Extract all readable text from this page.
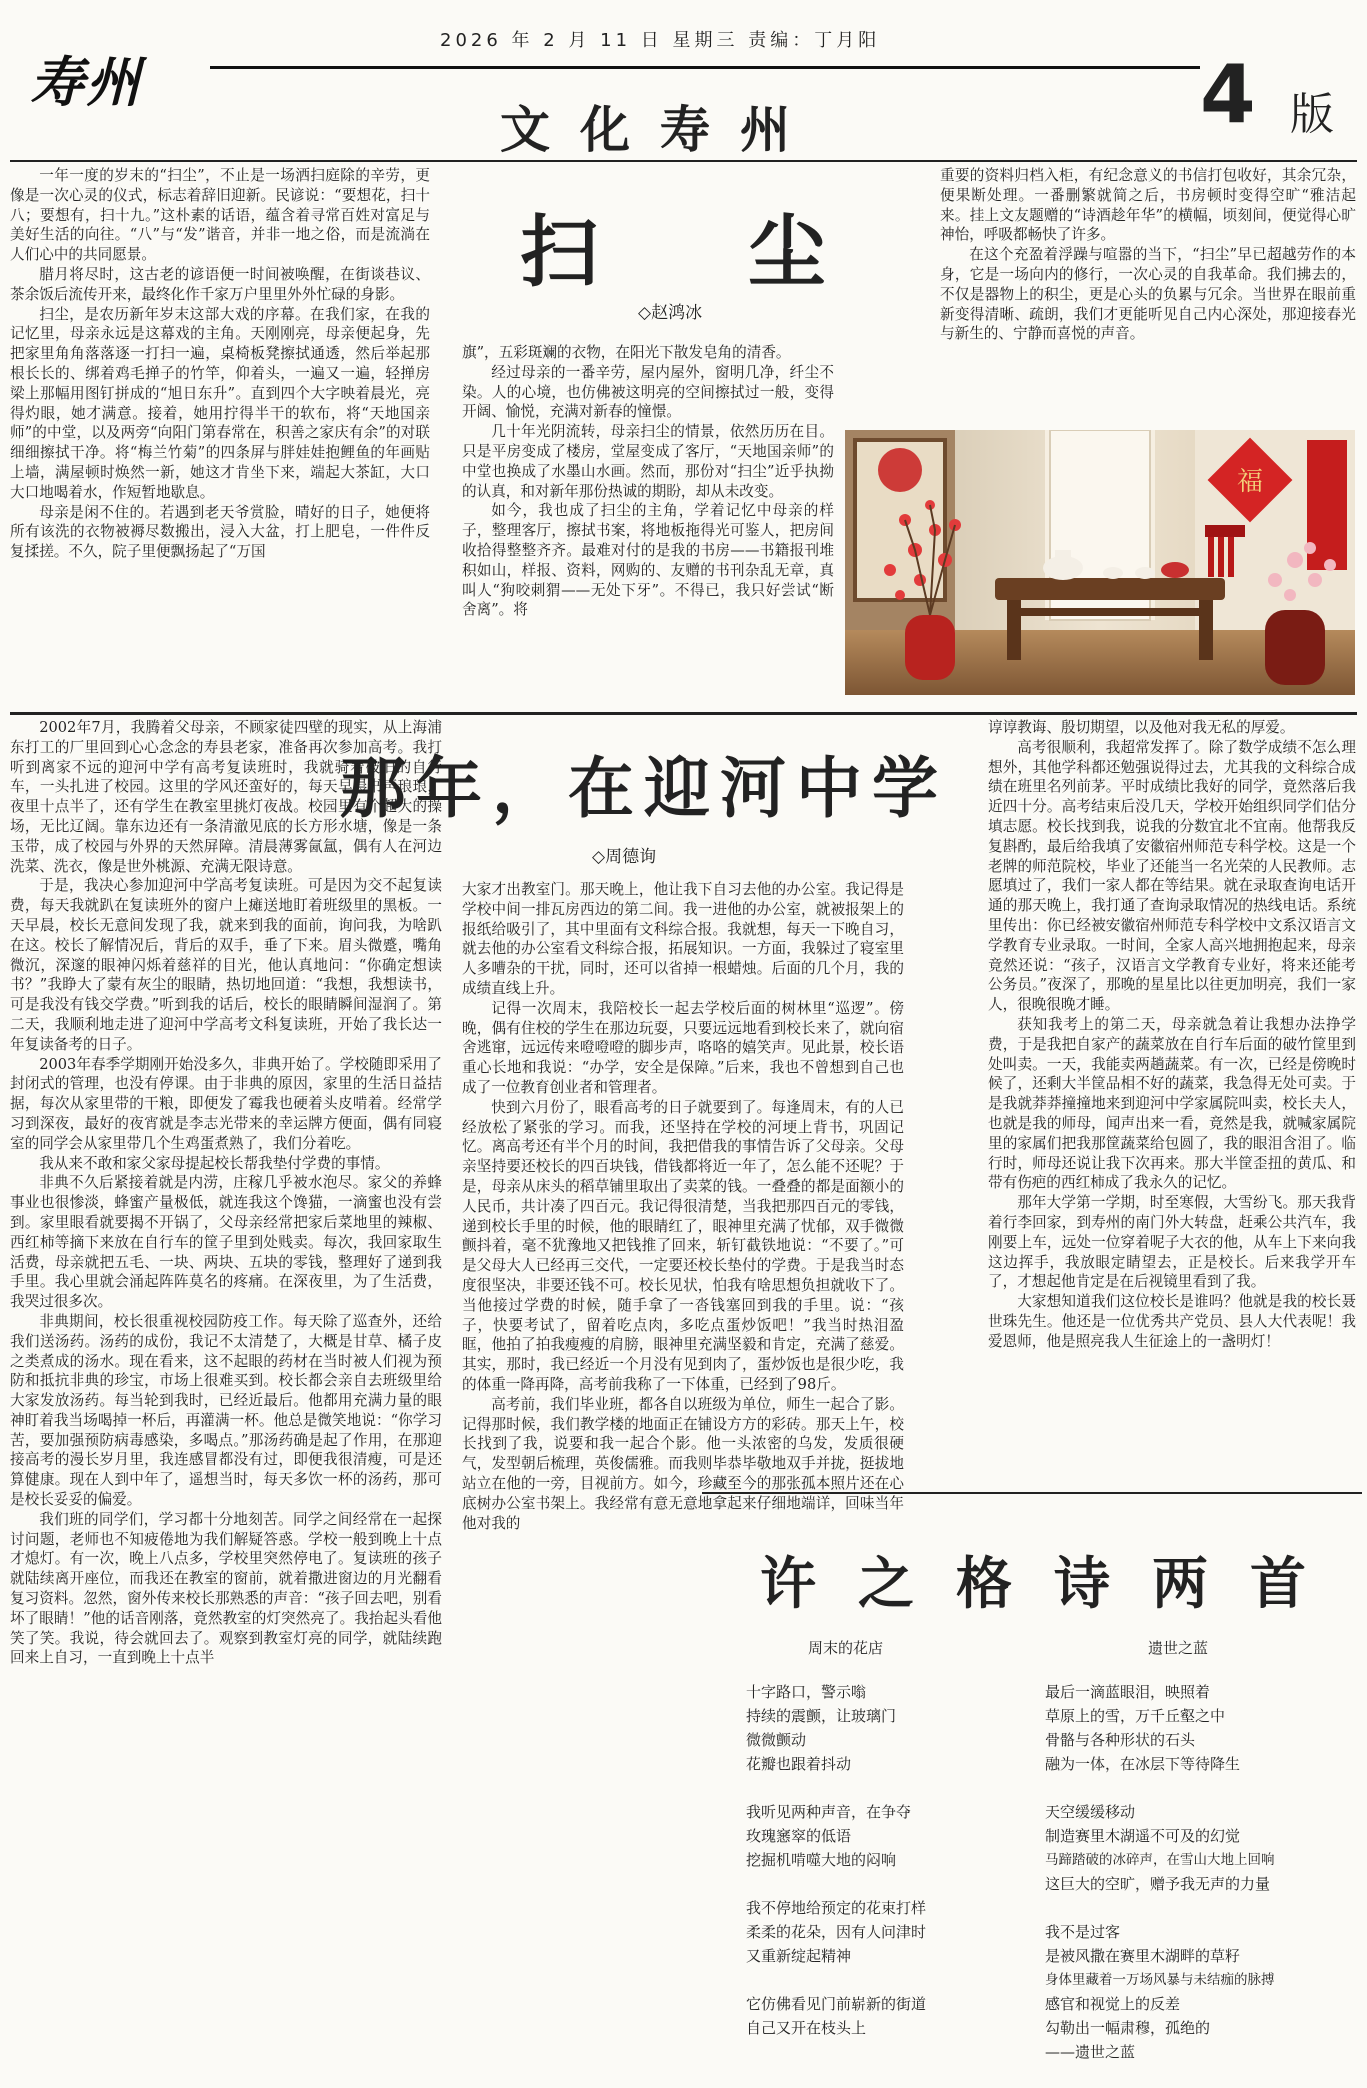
寿州
2026 年 2 月 11 日 星期三 责编：丁月阳
文化寿州	4 版
扫尘
◇赵鸿冰

一年一度的岁末的“扫尘”，不止是一场洒扫庭除的辛劳，更像是一次心灵的仪式，标志着辞旧迎新。民谚说：“要想花，扫十八；要想有，扫十九。”这朴素的话语，蕴含着寻常百姓对富足与美好生活的向往。“八”与“发”谐音，并非一地之俗，而是流淌在人们心中的共同愿景。

腊月将尽时，这古老的谚语便一时间被唤醒，在街谈巷议、茶余饭后流传开来，最终化作千家万户里里外外忙碌的身影。

扫尘，是农历新年岁末这部大戏的序幕。在我们家，在我的记忆里，母亲永远是这幕戏的主角。天刚刚亮，母亲便起身，先把家里角角落落逐一打扫一遍，桌椅板凳擦拭通透，然后举起那根长长的、绑着鸡毛掸子的竹竿，仰着头，一遍又一遍，轻掸房梁上那幅用图钉拼成的“旭日东升”。直到四个大字映着晨光，亮得灼眼，她才满意。接着，她用拧得半干的软布，将“天地国亲师”的中堂，以及两旁“向阳门第春常在，积善之家庆有余”的对联细细擦拭干净。将“梅兰竹菊”的四条屏与胖娃娃抱鲤鱼的年画贴上墙，满屋顿时焕然一新，她这才肯坐下来，端起大茶缸，大口大口地喝着水，作短暂地歇息。

母亲是闲不住的。若遇到老天爷赏脸，晴好的日子，她便将所有该洗的衣物被褥尽数搬出，浸入大盆，打上肥皂，一件件反复揉搓。不久，院子里便飘扬起了“万国

旗”，五彩斑斓的衣物，在阳光下散发皂角的清香。

经过母亲的一番辛劳，屋内屋外，窗明几净，纤尘不染。人的心境，也仿佛被这明亮的空间擦拭过一般，变得开阔、愉悦，充满对新春的憧憬。

几十年光阴流转，母亲扫尘的情景，依然历历在目。只是平房变成了楼房，堂屋变成了客厅，“天地国亲师”的中堂也换成了水墨山水画。然而，那份对“扫尘”近乎执拗的认真，和对新年那份热诚的期盼，却从未改变。

如今，我也成了扫尘的主角，学着记忆中母亲的样子，整理客厅，擦拭书案，将地板拖得光可鉴人，把房间收拾得整整齐齐。最难对付的是我的书房——书籍报刊堆积如山，样报、资料，网购的、友赠的书刊杂乱无章，真叫人“狗咬刺猬——无处下牙”。不得已，我只好尝试“断舍离”。将

重要的资料归档入柜，有纪念意义的书信打包收好，其余冗杂，便果断处理。一番删繁就简之后，书房顿时变得空旷“雅洁起来。挂上文友题赠的“诗酒趁年华”的横幅，顷刻间，便觉得心旷神怡，呼吸都畅快了许多。

在这个充盈着浮躁与喧嚣的当下，“扫尘”早已超越劳作的本身，它是一场向内的修行，一次心灵的自我革命。我们拂去的，不仅是器物上的积尘，更是心头的负累与冗余。当世界在眼前重新变得清晰、疏朗，我们才更能听见自己内心深处，那迎接春光与新生的、宁静而喜悦的声音。

福
那年，在迎河中学
◇周德询

2002年7月，我腾着父母亲，不顾家徒四壁的现实，从上海浦东打工的厂里回到心心念念的寿县老家，准备再次参加高考。我打听到离家不远的迎河中学有高考复读班时，我就骑着破旧的自行车，一头扎进了校园。这里的学风还蛮好的，每天早晨书声琅琅，夜里十点半了，还有学生在教室里挑灯夜战。校园里有个超大的操场，无比辽阔。靠东边还有一条清澈见底的长方形水塘，像是一条玉带，成了校园与外界的天然屏障。清晨薄雾氤氲，偶有人在河边洗菜、洗衣，像是世外桃源、充满无限诗意。

于是，我决心参加迎河中学高考复读班。可是因为交不起复读费，每天我就趴在复读班外的窗户上瘫送地盯着班级里的黑板。一天早晨，校长无意间发现了我，就来到我的面前，询问我，为啥趴在这。校长了解情况后，背后的双手，垂了下来。眉头微蹙，嘴角微沉，深邃的眼神闪烁着慈祥的目光，他认真地问：“你确定想读书？”我睁大了蒙有灰尘的眼睛，热切地回道：“我想，我想读书，可是我没有钱交学费。”听到我的话后，校长的眼睛瞬间湿润了。第二天，我顺利地走进了迎河中学高考文科复读班，开始了我长达一年复读备考的日子。

2003年春季学期刚开始没多久，非典开始了。学校随即采用了封闭式的管理，也没有停课。由于非典的原因，家里的生活日益拮据，每次从家里带的干粮，即便发了霉我也硬着头皮啃着。经常学习到深夜，最好的夜宵就是李志光带来的幸运牌方便面，偶有同寝室的同学会从家里带几个生鸡蛋煮熟了，我们分着吃。

我从来不敢和家父家母提起校长帮我垫付学费的事情。

非典不久后紧接着就是内涝，庄稼几乎被水泡尽。家父的养蜂事业也很惨淡，蜂蜜产量极低，就连我这个馋猫，一滴蜜也没有尝到。家里眼看就要揭不开锅了，父母亲经常把家后菜地里的辣椒、西红柿等摘下来放在自行车的筐子里到处贱卖。每次，我回家取生活费，母亲就把五毛、一块、两块、五块的零钱，整理好了递到我手里。我心里就会涌起阵阵莫名的疼痛。在深夜里，为了生活费，我哭过很多次。

非典期间，校长很重视校园防疫工作。每天除了巡查外，还给我们送汤药。汤药的成份，我记不太清楚了，大概是甘草、橘子皮之类煮成的汤水。现在看来，这不起眼的药材在当时被人们视为预防和抵抗非典的珍宝，市场上很难买到。校长都会亲自去班级里给大家发放汤药。每当轮到我时，已经近最后。他都用充满力量的眼神盯着我当场喝掉一杯后，再灌满一杯。他总是微笑地说：“你学习苦，要加强预防病毒感染，多喝点。”那汤药确是起了作用，在那迎接高考的漫长岁月里，我连感冒都没有过，即便我很清瘦，可是还算健康。现在人到中年了，遥想当时，每天多饮一杯的汤药，那可是校长妥妥的偏爱。

我们班的同学们，学习都十分地刻苦。同学之间经常在一起探讨问题，老师也不知疲倦地为我们解疑答惑。学校一般到晚上十点才熄灯。有一次，晚上八点多，学校里突然停电了。复读班的孩子就陆续离开座位，而我还在教室的窗前，就着撒进窗边的月光翻看复习资料。忽然，窗外传来校长那熟悉的声音：“孩子回去吧，别看坏了眼睛！”他的话音刚落，竟然教室的灯突然亮了。我抬起头看他笑了笑。我说，待会就回去了。观察到教室灯亮的同学，就陆续跑回来上自习，一直到晚上十点半

大家才出教室门。那天晚上，他让我下自习去他的办公室。我记得是学校中间一排瓦房西边的第二间。我一进他的办公室，就被报架上的报纸给吸引了，其中里面有文科综合报。我就想，每天一下晚自习，就去他的办公室看文科综合报，拓展知识。一方面，我躲过了寝室里人多嘈杂的干扰，同时，还可以省掉一根蜡烛。后面的几个月，我的成绩直线上升。

记得一次周末，我陪校长一起去学校后面的树林里“巡逻”。傍晚，偶有住校的学生在那边玩耍，只要远远地看到校长来了，就向宿舍逃窜，远远传来噔噔噔的脚步声，咯咯的嬉笑声。见此景，校长语重心长地和我说：“办学，安全是保障。”后来，我也不曾想到自己也成了一位教育创业者和管理者。

快到六月份了，眼看高考的日子就要到了。每逢周末，有的人已经放松了紧张的学习。而我，还坚持在学校的河埂上背书，巩固记忆。离高考还有半个月的时间，我把借我的事情告诉了父母亲。父母亲坚持要还校长的四百块钱，借钱都将近一年了，怎么能不还呢？于是，母亲从床头的稻草铺里取出了卖菜的钱。一叠叠的都是面额小的人民币，共计凑了四百元。我记得很清楚，当我把那四百元的零钱，递到校长手里的时候，他的眼睛红了，眼神里充满了忧郁，双手微微颤抖着，毫不犹豫地又把钱推了回来，斩钉截铁地说：“不要了。”可是父母大人已经再三交代，一定要还校长垫付的学费。于是我当时态度很坚决，非要还钱不可。校长见状，怕我有啥思想负担就收下了。当他接过学费的时候，随手拿了一沓钱塞回到我的手里。说：“孩子，快要考试了，留着吃点肉，多吃点蛋炒饭吧！”我当时热泪盈眶，他拍了拍我瘦瘦的肩膀，眼神里充满坚毅和肯定，充满了慈爱。其实，那时，我已经近一个月没有见到肉了，蛋炒饭也是很少吃，我的体重一降再降，高考前我称了一下体重，已经到了98斤。

高考前，我们毕业班，都各自以班级为单位，师生一起合了影。记得那时候，我们教学楼的地面正在铺设方方的彩砖。那天上午，校长找到了我，说要和我一起合个影。他一头浓密的乌发，发质很硬气，发型朝后梳理，英俊儒雅。而我则毕恭毕敬地双手并拢，挺拔地站立在他的一旁，目视前方。如今，珍藏至今的那张孤本照片还在心底树办公室书架上。我经常有意无意地拿起来仔细地端详，回味当年他对我的

谆谆教诲、殷切期望，以及他对我无私的厚爱。

高考很顺利，我超常发挥了。除了数学成绩不怎么理想外，其他学科都还勉强说得过去，尤其我的文科综合成绩在班里名列前茅。平时成绩比我好的同学，竟然落后我近四十分。高考结束后没几天，学校开始组织同学们估分填志愿。校长找到我，说我的分数宜北不宜南。他帮我反复斟酌，最后给我填了安徽宿州师范专科学校。这是一个老牌的师范院校，毕业了还能当一名光荣的人民教师。志愿填过了，我们一家人都在等结果。就在录取查询电话开通的那天晚上，我打通了查询录取情况的热线电话。系统里传出：你已经被安徽宿州师范专科学校中文系汉语言文学教育专业录取。一时间，全家人高兴地拥抱起来，母亲竟然还说：“孩子，汉语言文学教育专业好，将来还能考公务员。”夜深了，那晚的星星比以往更加明亮，我们一家人，很晚很晚才睡。

获知我考上的第二天，母亲就急着让我想办法挣学费，于是我把自家产的蔬菜放在自行车后面的破竹筐里到处叫卖。一天，我能卖两趟蔬菜。有一次，已经是傍晚时候了，还剩大半筐品相不好的蔬菜，我急得无处可卖。于是我就莽莽撞撞地来到迎河中学家属院叫卖，校长夫人，也就是我的师母，闻声出来一看，竟然是我，就喊家属院里的家属们把我那筐蔬菜给包圆了，我的眼泪含泪了。临行时，师母还说让我下次再来。那大半筐歪扭的黄瓜、和带有伤疤的西红柿成了我永久的记忆。

那年大学第一学期，时至寒假，大雪纷飞。那天我背着行李回家，到寿州的南门外大转盘，赶乘公共汽车，我刚要上车，远处一位穿着呢子大衣的他，从车上下来向我这边挥手，我放眼定睛望去，正是校长。后来我学开车了，才想起他肯定是在后视镜里看到了我。

大家想知道我们这位校长是谁吗？他就是我的校长聂世珠先生。他还是一位优秀共产党员、县人大代表呢！我爱恩师，他是照亮我人生征途上的一盏明灯！

许之格诗两首
周末的花店	遗世之蓝
十字路口，警示嗡
持续的震颤，让玻璃门
微微颤动
花瓣也跟着抖动
我听见两种声音，在争夺
玫瑰窸窣的低语
挖掘机啃噬大地的闷响
我不停地给预定的花束打样
柔柔的花朵，因有人问津时
又重新绽起精神
它仿佛看见门前崭新的街道
自己又开在枝头上
最后一滴蓝眼泪，映照着
草原上的雪，万千丘壑之中
骨骼与各种形状的石头
融为一体，在冰层下等待降生
天空缓缓移动
制造赛里木湖遥不可及的幻觉
马蹄踏破的冰碎声，在雪山大地上回响
这巨大的空旷，赠予我无声的力量
我不是过客
是被风撒在赛里木湖畔的草籽
身体里藏着一万场风暴与未结痂的脉搏
感官和视觉上的反差
勾勒出一幅肃穆，孤绝的
——遗世之蓝
